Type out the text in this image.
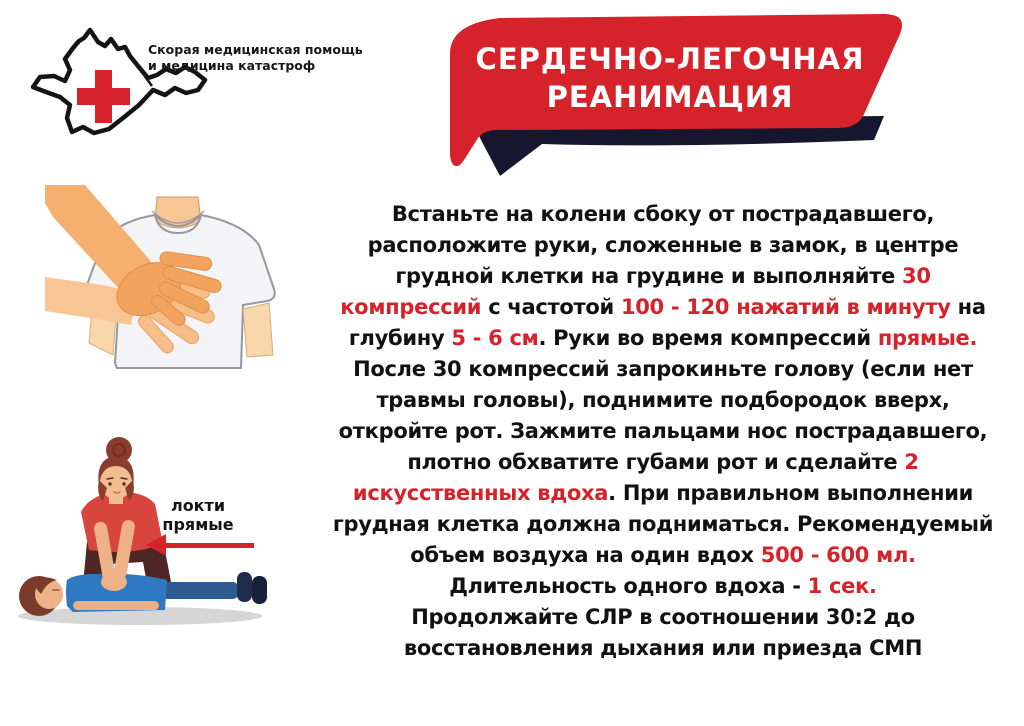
Скорая медицинская помощь
и медицина катастроф	СЕРДЕЧНО-ЛЕГОЧНАЯ
РЕАНИМАЦИЯ
локти
прямые
Встаньте на колени сбоку от пострадавшего,
расположите руки, сложенные в замок, в центре
грудной клетки на грудине и выполняйте 30
компрессий с частотой 100 - 120 нажатий в минуту на
глубину 5 - 6 см. Руки во время компрессий прямые.
После 30 компрессий запрокиньте голову (если нет
травмы головы), поднимите подбородок вверх,
откройте рот. Зажмите пальцами нос пострадавшего,
плотно обхватите губами рот и сделайте 2
искусственных вдоха. При правильном выполнении
грудная клетка должна подниматься. Рекомендуемый
объем воздуха на один вдох 500 - 600 мл.
Длительность одного вдоха - 1 сек.
Продолжайте СЛР в соотношении 30:2 до
восстановления дыхания или приезда СМП
